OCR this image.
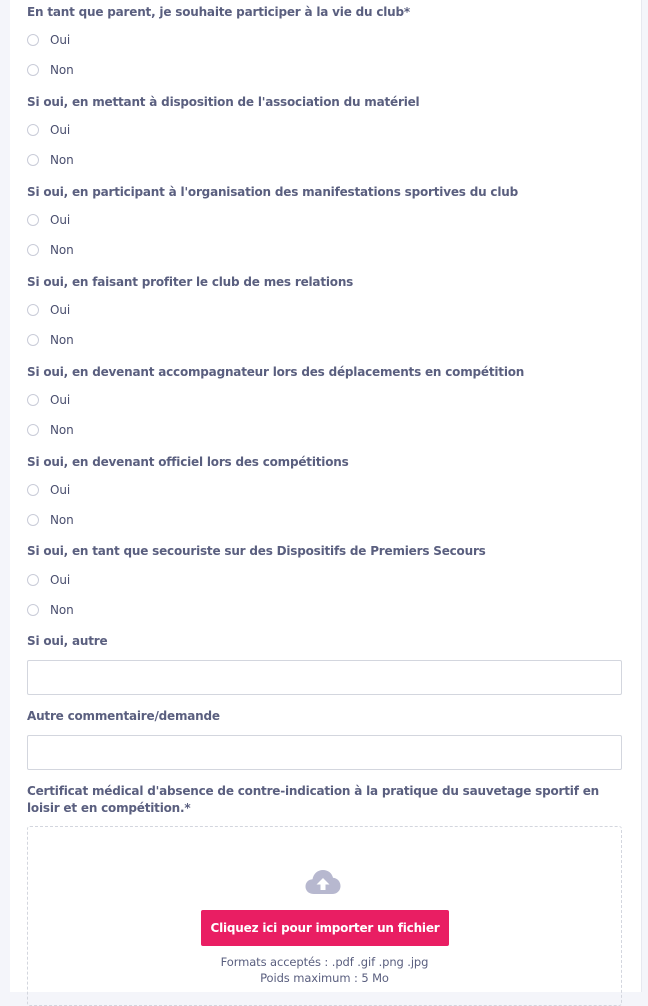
En tant que parent, je souhaite participer à la vie du club*
Oui
Non
Si oui, en mettant à disposition de l'association du matériel
Oui
Non
Si oui, en participant à l'organisation des manifestations sportives du club
Oui
Non
Si oui, en faisant profiter le club de mes relations
Oui
Non
Si oui, en devenant accompagnateur lors des déplacements en compétition
Oui
Non
Si oui, en devenant officiel lors des compétitions
Oui
Non
Si oui, en tant que secouriste sur des Dispositifs de Premiers Secours
Oui
Non
Si oui, autre
Autre commentaire/demande
Certificat médical d'absence de contre-indication à la pratique du sauvetage sportif en loisir et en compétition.*
Cliquez ici pour importer un fichier
Formats acceptés : .pdf .gif .png .jpg
Poids maximum : 5 Mo
